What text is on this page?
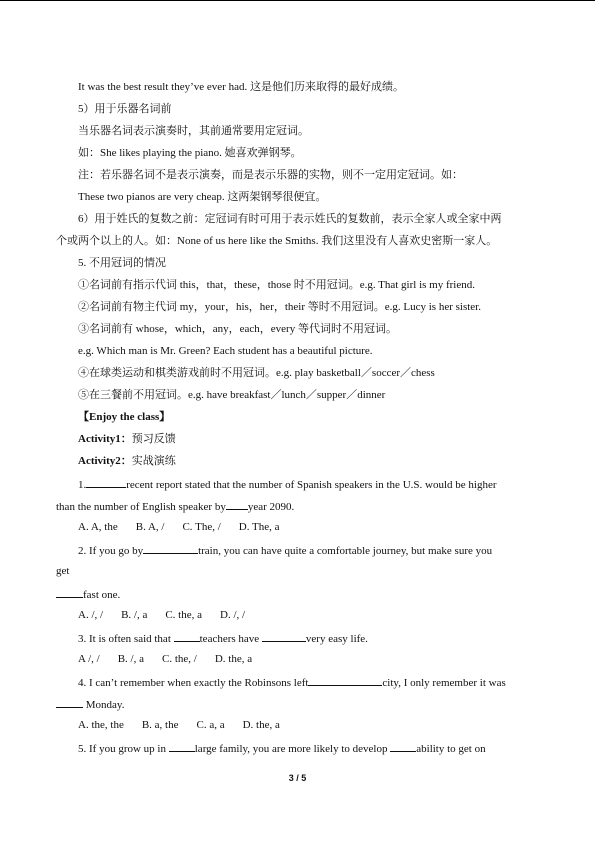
It was the best result they’ve ever had. 这是他们历来取得的最好成绩。
5）用于乐器名词前
当乐器名词表示演奏时，其前通常要用定冠词。
如：She likes playing the piano. 她喜欢弹钢琴。
注：若乐器名词不是表示演奏，而是表示乐器的实物，则不一定用定冠词。如：
These two pianos are very cheap. 这两架钢琴很便宜。
6）用于姓氏的复数之前：定冠词有时可用于表示姓氏的复数前，表示全家人或全家中两
个或两个以上的人。如：None of us here like the Smiths. 我们这里没有人喜欢史密斯一家人。
5. 不用冠词的情况
①名词前有指示代词 this，that，these，those 时不用冠词。e.g. That girl is my friend.
②名词前有物主代词 my，your，his，her，their 等时不用冠词。e.g. Lucy is her sister.
③名词前有 whose，which，any，each，every 等代词时不用冠词。
e.g. Which man is Mr. Green? Each student has a beautiful picture.
④在球类运动和棋类游戏前时不用冠词。e.g. play basketball／soccer／chess
⑤在三餐前不用冠词。e.g. have breakfast／lunch／supper／dinner
【Enjoy the class】
Activity1：预习反馈
Activity2：实战演练
1.	recent report stated that the number of Spanish speakers in the U.S. would be higher
than the number of English speaker by year 2090.
A. A, the B. A, / C. The, / D. The, a
2. If you go by	train, you can have quite a comfortable journey, but make sure you
get
fast one.
A. /, / B. /, a C. the, a D. /, /
3. It is often said that teachers have	very easy life.
A /, / B. /, a C. the, / D. the, a
4. I can’t remember when exactly the Robinsons left	city, I only remember it was
Monday.
A. the, the B. a, the C. a, a D. the, a
5. If you grow up in large family, you are more likely to develop ability to get on
3 / 5
